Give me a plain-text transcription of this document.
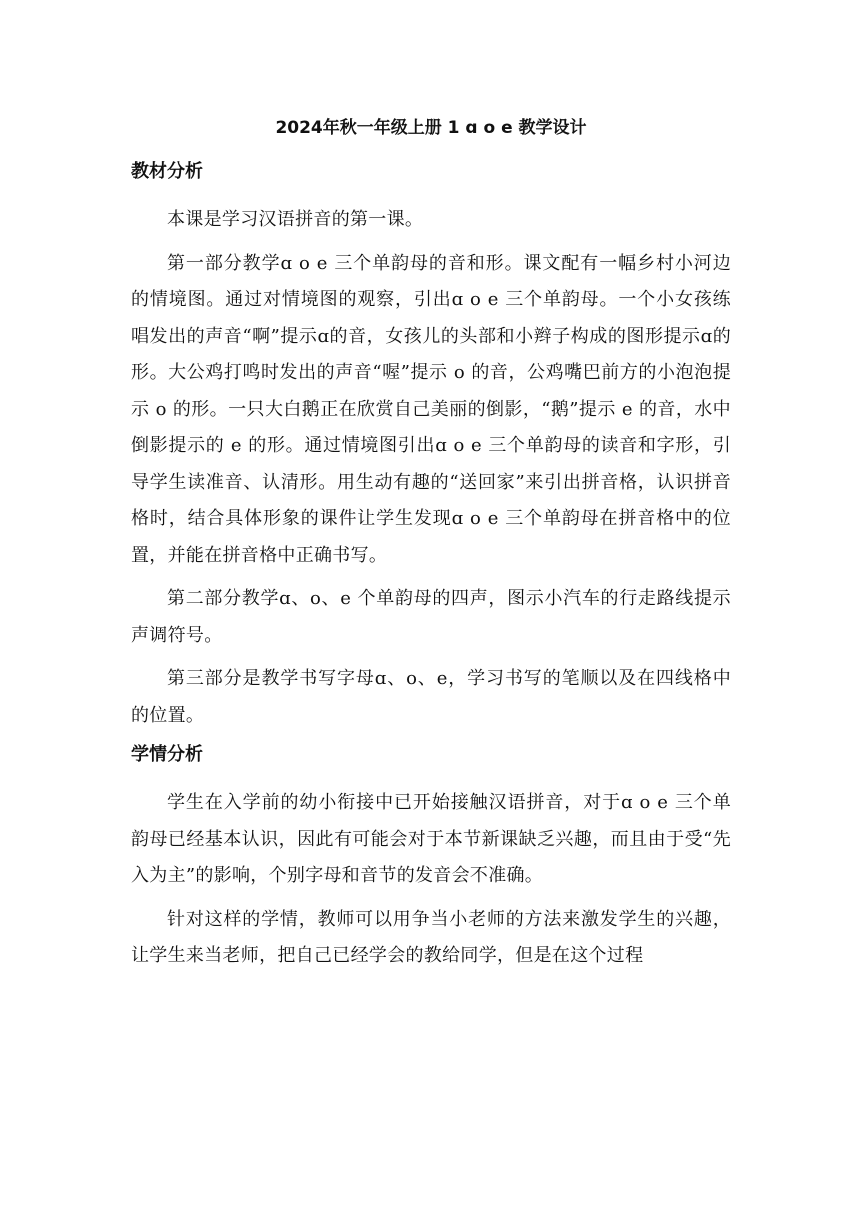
2024年秋一年级上册 1 ɑ o e 教学设计
教材分析

本课是学习汉语拼音的第一课。

第一部分教学ɑ o e 三个单韵母的音和形。课文配有一幅乡村小河边的情境图。通过对情境图的观察，引出ɑ o e 三个单韵母。一个小女孩练唱发出的声音“啊”提示ɑ的音，女孩儿的头部和小辫子构成的图形提示ɑ的形。大公鸡打鸣时发出的声音“喔”提示 o 的音，公鸡嘴巴前方的小泡泡提示 o 的形。一只大白鹅正在欣赏自己美丽的倒影，“鹅”提示 e 的音，水中倒影提示的 e 的形。通过情境图引出ɑ o e 三个单韵母的读音和字形，引导学生读准音、认清形。用生动有趣的“送回家”来引出拼音格，认识拼音格时，结合具体形象的课件让学生发现ɑ o e 三个单韵母在拼音格中的位置，并能在拼音格中正确书写。

第二部分教学ɑ、o、e 个单韵母的四声，图示小汽车的行走路线提示声调符号。

第三部分是教学书写字母ɑ、o、e，学习书写的笔顺以及在四线格中的位置。

学情分析

学生在入学前的幼小衔接中已开始接触汉语拼音，对于ɑ o e 三个单韵母已经基本认识，因此有可能会对于本节新课缺乏兴趣，而且由于受“先入为主”的影响，个别字母和音节的发音会不准确。

针对这样的学情，教师可以用争当小老师的方法来激发学生的兴趣，让学生来当老师，把自己已经学会的教给同学，但是在这个过程
